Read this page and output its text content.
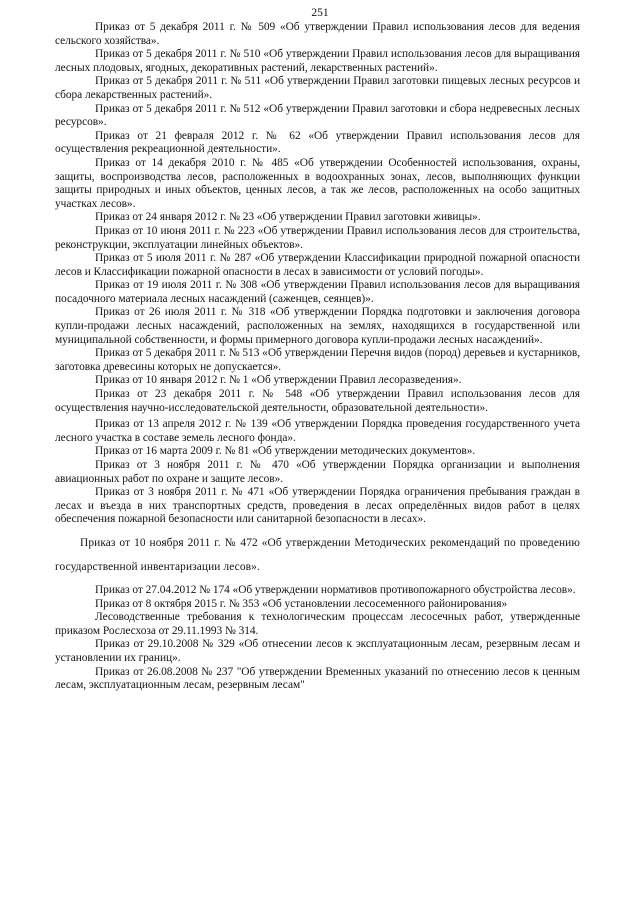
251

Приказ от 5 декабря 2011 г. № 509 «Об утверждении Правил использования лесов для ведения сельского хозяйства».

Приказ от 5 декабря 2011 г. № 510 «Об утверждении Правил использования лесов для выращивания лесных плодовых, ягодных, декоративных растений, лекарственных растений».

Приказ от 5 декабря 2011 г. № 511 «Об утверждении Правил заготовки пищевых лесных ресурсов и сбора лекарственных растений».

Приказ от 5 декабря 2011 г. № 512 «Об утверждении Правил заготовки и сбора недревесных лесных ресурсов».

Приказ от 21 февраля 2012 г. № 62 «Об утверждении Правил использования лесов для осуществления рекреационной деятельности».

Приказ от 14 декабря 2010 г. № 485 «Об утверждении Особенностей использования, охраны, защиты, воспроизводства лесов, расположенных в водоохранных зонах, лесов, выполняющих функции защиты природных и иных объектов, ценных лесов, а так же лесов, расположенных на особо защитных участках лесов».

Приказ от 24 января 2012 г. № 23 «Об утверждении Правил заготовки живицы».

Приказ от 10 июня 2011 г. № 223 «Об утверждении Правил использования лесов для строительства, реконструкции, эксплуатации линейных объектов».

Приказ от 5 июля 2011 г. № 287 «Об утверждении Классификации природной пожарной опасности лесов и Классификации пожарной опасности в лесах в зависимости от условий погоды».

Приказ от 19 июля 2011 г. № 308 «Об утверждении Правил использования лесов для выращивания посадочного материала лесных насаждений (саженцев, сеянцев)».

Приказ от 26 июля 2011 г. № 318 «Об утверждении Порядка подготовки и заключения договора купли-продажи лесных насаждений, расположенных на землях, находящихся в государственной или муниципальной собственности, и формы примерного договора купли-продажи лесных насаждений».

Приказ от 5 декабря 2011 г. № 513 «Об утверждении Перечня видов (пород) деревьев и кустарников, заготовка древесины которых не допускается».

Приказ от 10 января 2012 г. № 1 «Об утверждении Правил лесоразведения».

Приказ от 23 декабря 2011 г. № 548 «Об утверждении Правил использования лесов для осуществления научно-исследовательской деятельности, образовательной деятельности».

Приказ от 13 апреля 2012 г. № 139 «Об утверждении Порядка проведения государственного учета лесного участка в составе земель лесного фонда».

Приказ от 16 марта 2009 г. № 81 «Об утверждении методических документов».

Приказ от 3 ноября 2011 г. № 470 «Об утверждении Порядка организации и выполнения авиационных работ по охране и защите лесов».

Приказ от 3 ноября 2011 г. № 471 «Об утверждении Порядка ограничения пребывания граждан в лесах и въезда в них транспортных средств, проведения в лесах определённых видов работ в целях обеспечения пожарной безопасности или санитарной безопасности в лесах».

Приказ от 10 ноября 2011 г. № 472 «Об утверждении Методических рекомендаций по проведению государственной инвентаризации лесов».

Приказ от 27.04.2012 № 174 «Об утверждении нормативов противопожарного обустройства лесов».

Приказ от 8 октября 2015 г. № 353 «Об установлении лесосеменного районирования»

Лесоводственные требования к технологическим процессам лесосечных работ, утвержденные приказом Рослесхоза от 29.11.1993 № 314.

Приказ от 29.10.2008 № 329 «Об отнесении лесов к эксплуатационным лесам, резервным лесам и установлении их границ».

Приказ от 26.08.2008 № 237 "Об утверждении Временных указаний по отнесению лесов к ценным лесам, эксплуатационным лесам, резервным лесам"
